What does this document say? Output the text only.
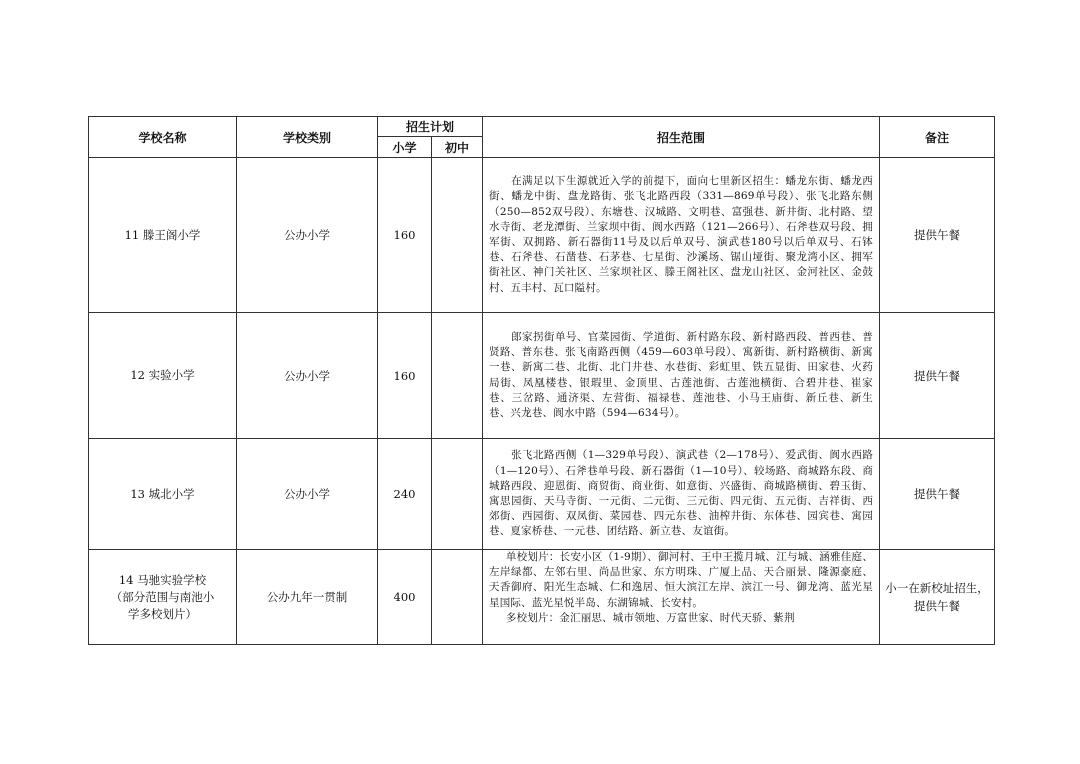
学校名称	学校类别	招生计划		招生范围	备注
		小学	初中		
11 滕王阁小学	公办小学	160		在满足以下生源就近入学的前提下，面向七里新区招生：蟠龙东街、蟠龙西街、蟠龙中街、盘龙路街、张飞北路西段（331—869单号段）、张飞北路东侧（250—852双号段）、东塘巷、汉城路、文明巷、富强巷、新井街、北村路、望水寺街、老龙潭街、兰家坝中街、阆水西路（121—266号）、石斧巷双号段、拥军街、双拥路、新石器街11号及以后单双号、演武巷180号以后单双号、石钵巷、石斧巷、石凿巷、石茅巷、七星街、沙溪场、锯山垭街、聚龙湾小区、拥军街社区、神门关社区、兰家坝社区、滕王阁社区、盘龙山社区、金河社区、金鼓村、五丰村、瓦口隘村。	提供午餐
12 实验小学	公办小学	160		郎家拐街单号、官菜园街、学道街、新村路东段、新村路西段、普西巷、普贤路、普东巷、张飞南路西侧（459—603单号段）、寓新街、新村路横街、新寓一巷、新寓二巷、北街、北门井巷、水巷街、彩虹里、铁五显街、田家巷、火药局街、凤凰楼巷、银瑕里、金顶里、古莲池街、古莲池横街、合碧井巷、崔家巷、三岔路、通济渠、左营街、福禄巷、莲池巷、小马王庙街、新丘巷、新生巷、兴龙巷、阆水中路（594—634号）。	提供午餐
13 城北小学	公办小学	240		张飞北路西侧（1—329单号段）、演武巷（2—178号）、爱武街、阆水西路（1—120号）、石斧巷单号段、新石器街（1—10号）、较场路、商城路东段、商城路西段、迎恩街、商贸街、商业街、如意街、兴盛街、商城路横街、碧玉街、寓思园街、天马寺街、一元街、二元街、三元街、四元街、五元街、吉祥街、西郊街、西园街、双凤街、菜园巷、四元东巷、油榨井街、东体巷、园宾巷、寓园巷、夏家桥巷、一元巷、团结路、新立巷、友谊街。	提供午餐

14 马驰实验学校
（部分范围与南池小
学多校划片）	公办九年一贯制	400		单校划片：长安小区（1-9期）、御河村、王中王揽月城、江与城、涵雅佳庭、左岸绿都、左邻右里、尚品世家、东方明珠、广厦上品、天合丽景、隆源豪庭、天香御府、阳光生态城、仁和逸居、恒大滨江左岸、滨江一号、御龙湾、蓝光星星国际、蓝光星悦半岛、东湖锦城、长安村。
多校划片：金汇丽思、城市领地、万富世家、时代天骄、紫荆	小一在新校址招生，提供午餐
